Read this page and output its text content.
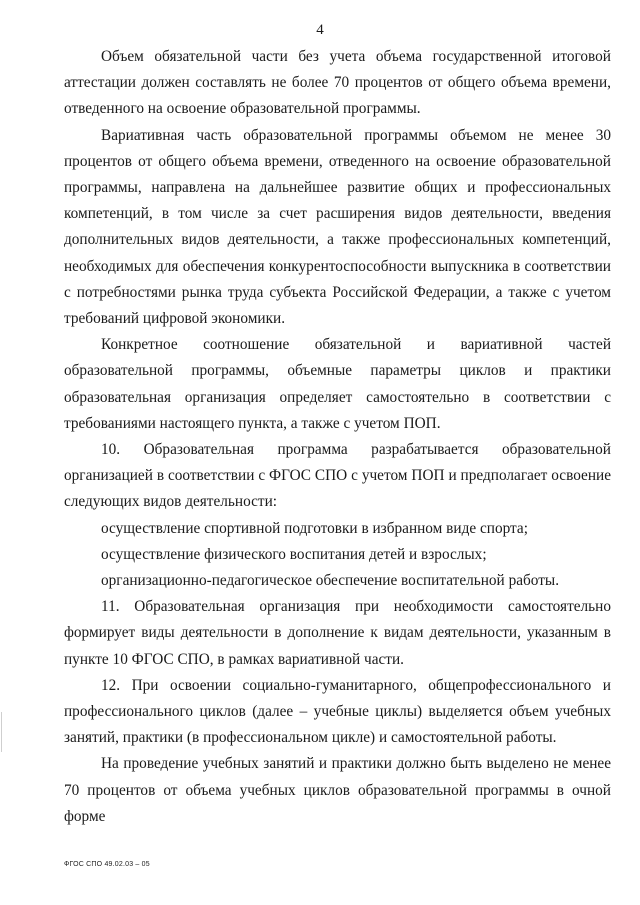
4

Объем обязательной части без учета объема государственной итоговой аттестации должен составлять не более 70 процентов от общего объема времени, отведенного на освоение образовательной программы.

Вариативная часть образовательной программы объемом не менее 30 процентов от общего объема времени, отведенного на освоение образовательной программы, направлена на дальнейшее развитие общих и профессиональных компетенций, в том числе за счет расширения видов деятельности, введения дополнительных видов деятельности, а также профессиональных компетенций, необходимых для обеспечения конкурентоспособности выпускника в соответствии с потребностями рынка труда субъекта Российской Федерации, а также с учетом требований цифровой экономики.

Конкретное соотношение обязательной и вариативной частей образовательной программы, объемные параметры циклов и практики образовательная организация определяет самостоятельно в соответствии с требованиями настоящего пункта, а также с учетом ПОП.

10. Образовательная программа разрабатывается образовательной организацией в соответствии с ФГОС СПО с учетом ПОП и предполагает освоение следующих видов деятельности:

осуществление спортивной подготовки в избранном виде спорта;

осуществление физического воспитания детей и взрослых;

организационно-педагогическое обеспечение воспитательной работы.

11. Образовательная организация при необходимости самостоятельно формирует виды деятельности в дополнение к видам деятельности, указанным в пункте 10 ФГОС СПО, в рамках вариативной части.

12. При освоении социально-гуманитарного, общепрофессионального и профессионального циклов (далее – учебные циклы) выделяется объем учебных занятий, практики (в профессиональном цикле) и самостоятельной работы.

На проведение учебных занятий и практики должно быть выделено не менее 70 процентов от объема учебных циклов образовательной программы в очной форме

ФГОС СПО 49.02.03 – 05
